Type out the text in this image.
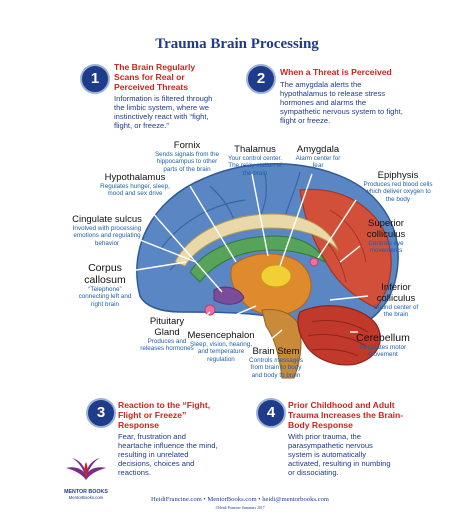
Trauma Brain Processing
1
The Brain Regularly Scans for Real or Perceived Threats
Information is filtered through the limbic system, where we instinctively react with “fight, flight, or freeze.”
2	When a Threat is Perceived
The amygdala alerts the hypothalamus to release stress hormones and alarms the sympathetic nervous system to fight, flight or freeze.
Fornix
Sends signals from the hippocampus to other parts of the brain
Thalamus
Your control center. The relay station of the brain
Amygdala
Alarm center for fear
Hypothalamus
Regulates hunger, sleep, mood and sex drive
Epiphysis
Produces red blood cells which deliver oxygen to the body
Cingulate sulcus
Involved with processing emotions and regulating behavior
Superior colliculus
Controls eye movements
Corpus callosum
“Telephone” connecting left and right brain
Inferior colliculus
Sound center of the brain
Pituitary Gland
Produces and releases hormones
Mesencephalon
Sleep, vision, hearing, and temperature regulation
Brain Stem
Controls messages from brain to body and body to brain
Cerebellum
Regulates motor movement
3	Reaction to the “Fight, Flight or Freeze” Response
Fear, frustration and heartache influence the mind, resulting in unrelated decisions, choices and reactions.
4	Prior Childhood and Adult Trauma Increases the Brain-Body Response
With prior trauma, the parasympathetic nervous system is automatically activated, resulting in numbing or dissociating.
MENTOR BOOKS
MentorBooks.com	HeidiFrancine.com • MentorBooks.com • heidi@mentorbooks.com
©Heidi Francine Summers 2017
